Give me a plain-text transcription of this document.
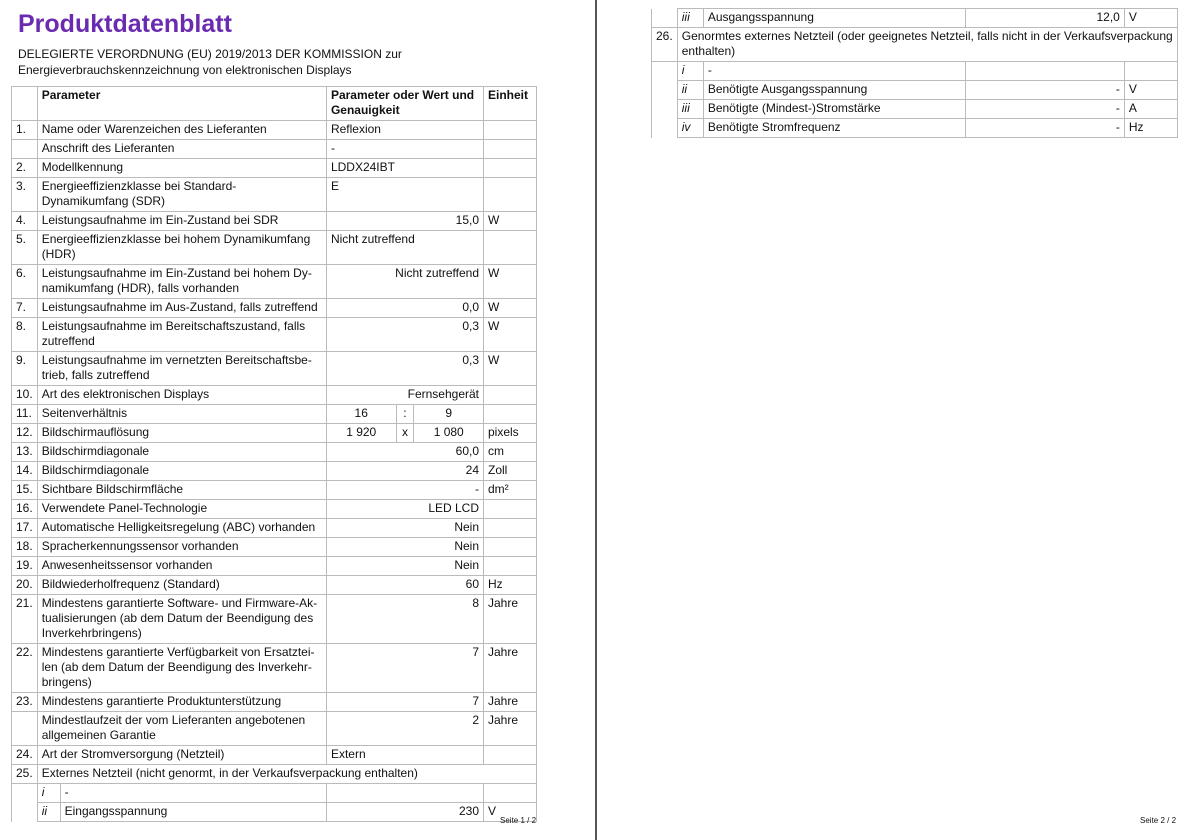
Produktdatenblatt
DELEGIERTE VERORDNUNG (EU) 2019/2013 DER KOMMISSION zur Energieverbrauchskennzeichnung von elektronischen Displays
	Parameter		Parameter oder Wert und Genauigkeit			Einheit
1.	Name oder Warenzeichen des Lieferanten		Reflexion			
	Anschrift des Lieferanten		-			
2.	Modellkennung		LDDX24IBT			
3.	Energieeffizienzklasse bei Standard-Dynamikumfang (SDR)		E			
4.	Leistungsaufnahme im Ein-Zustand bei SDR		15,0			W
5.	Energieeffizienzklasse bei hohem Dynamikumfang (HDR)		Nicht zutreffend			
6.	Leistungsaufnahme im Ein-Zustand bei hohem Dy-namikumfang (HDR), falls vorhanden		Nicht zutreffend			W
7.	Leistungsaufnahme im Aus-Zustand, falls zutreffend		0,0			W
8.	Leistungsaufnahme im Bereitschaftszustand, falls zutreffend		0,3			W
9.	Leistungsaufnahme im vernetzten Bereitschaftsbe-trieb, falls zutreffend		0,3			W
10.	Art des elektronischen Displays		Fernsehgerät			
11.	Seitenverhältnis		16	:	9	
12.	Bildschirmauflösung		1 920	x	1 080	pixels
13.	Bildschirmdiagonale		60,0			cm
14.	Bildschirmdiagonale		24			Zoll
15.	Sichtbare Bildschirmfläche		-			dm²
16.	Verwendete Panel-Technologie		LED LCD			
17.	Automatische Helligkeitsregelung (ABC) vorhanden		Nein			
18.	Spracherkennungssensor vorhanden		Nein			
19.	Anwesenheitssensor vorhanden		Nein			
20.	Bildwiederholfrequenz (Standard)		60			Hz
21.	Mindestens garantierte Software- und Firmware-Ak-tualisierungen (ab dem Datum der Beendigung des Inverkehrbringens)		8			Jahre
22.	Mindestens garantierte Verfügbarkeit von Ersatztei-len (ab dem Datum der Beendigung des Inverkehr-bringens)		7			Jahre
23.	Mindestens garantierte Produktunterstützung		7			Jahre
	Mindestlaufzeit der vom Lieferanten angebotenen allgemeinen Garantie		2			Jahre
24.	Art der Stromversorgung (Netzteil)		Extern			
25.	Externes Netzteil (nicht genormt, in der Verkaufsverpackung enthalten)					
	i	-				
	ii	Eingangsspannung	230			V
Seite 1 / 2	Seite 2 / 2
	iii	Ausgangsspannung	12,0	V
26.	Genormtes externes Netzteil (oder geeignetes Netzteil, falls nicht in der Verkaufsverpackung enthalten)			
	i	-		
	ii	Benötigte Ausgangsspannung	-	V
	iii	Benötigte (Mindest-)Stromstärke	-	A
	iv	Benötigte Stromfrequenz	-	Hz
